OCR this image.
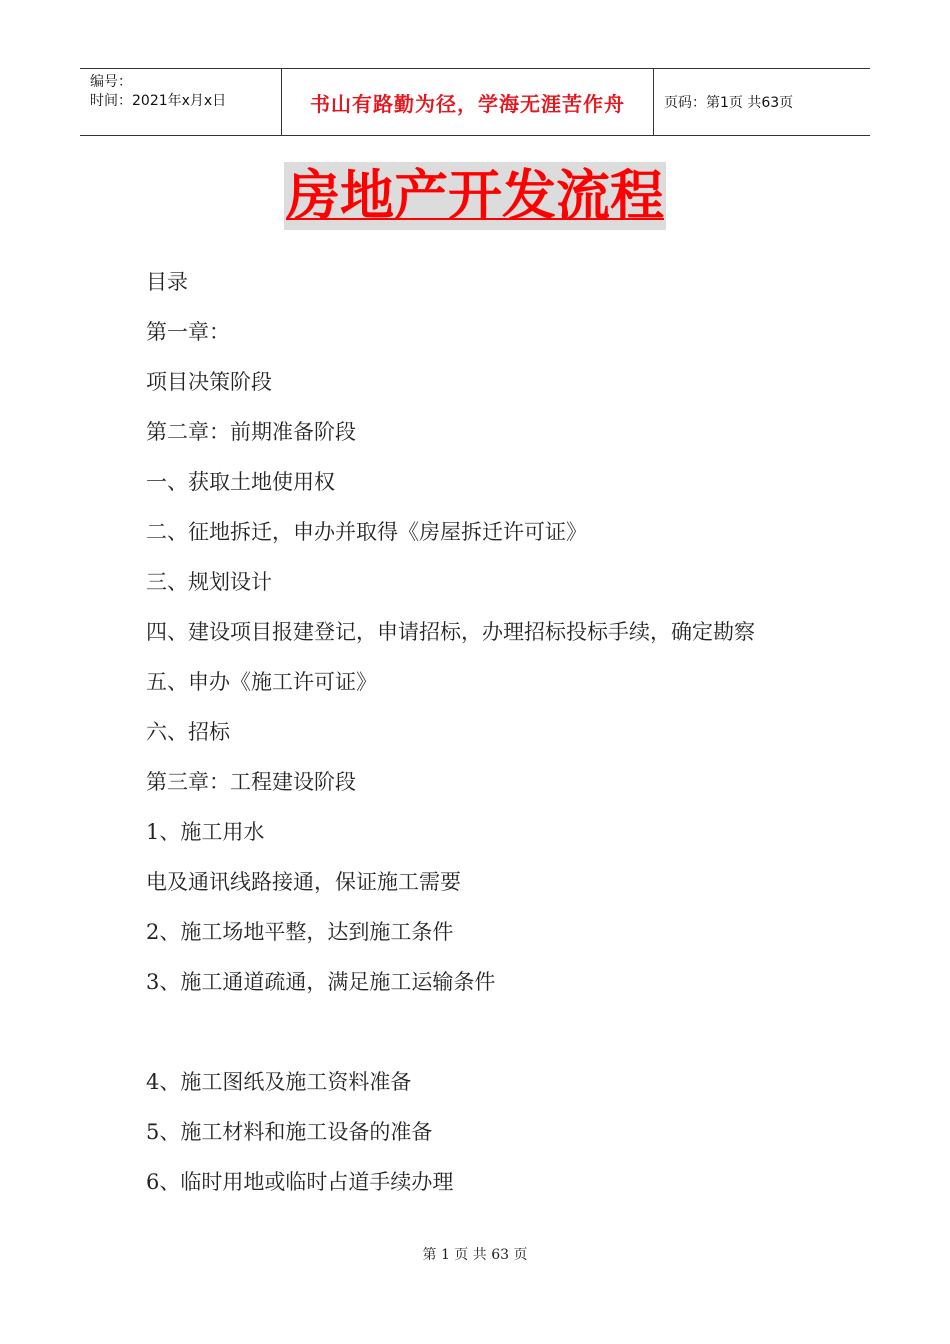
编号：
时间：2021年x月x日	书山有路勤为径，学海无涯苦作舟	页码：第1页 共63页
房地产开发流程
目录
第一章：
项目决策阶段
第二章：前期准备阶段
一、获取土地使用权
二、征地拆迁，申办并取得《房屋拆迁许可证》
三、规划设计
四、建设项目报建登记，申请招标，办理招标投标手续，确定勘察
五、申办《施工许可证》
六、招标
第三章：工程建设阶段
1、施工用水
电及通讯线路接通，保证施工需要
2、施工场地平整，达到施工条件
3、施工通道疏通，满足施工运输条件
4、施工图纸及施工资料准备
5、施工材料和施工设备的准备
6、临时用地或临时占道手续办理
第 1 页 共 63 页
